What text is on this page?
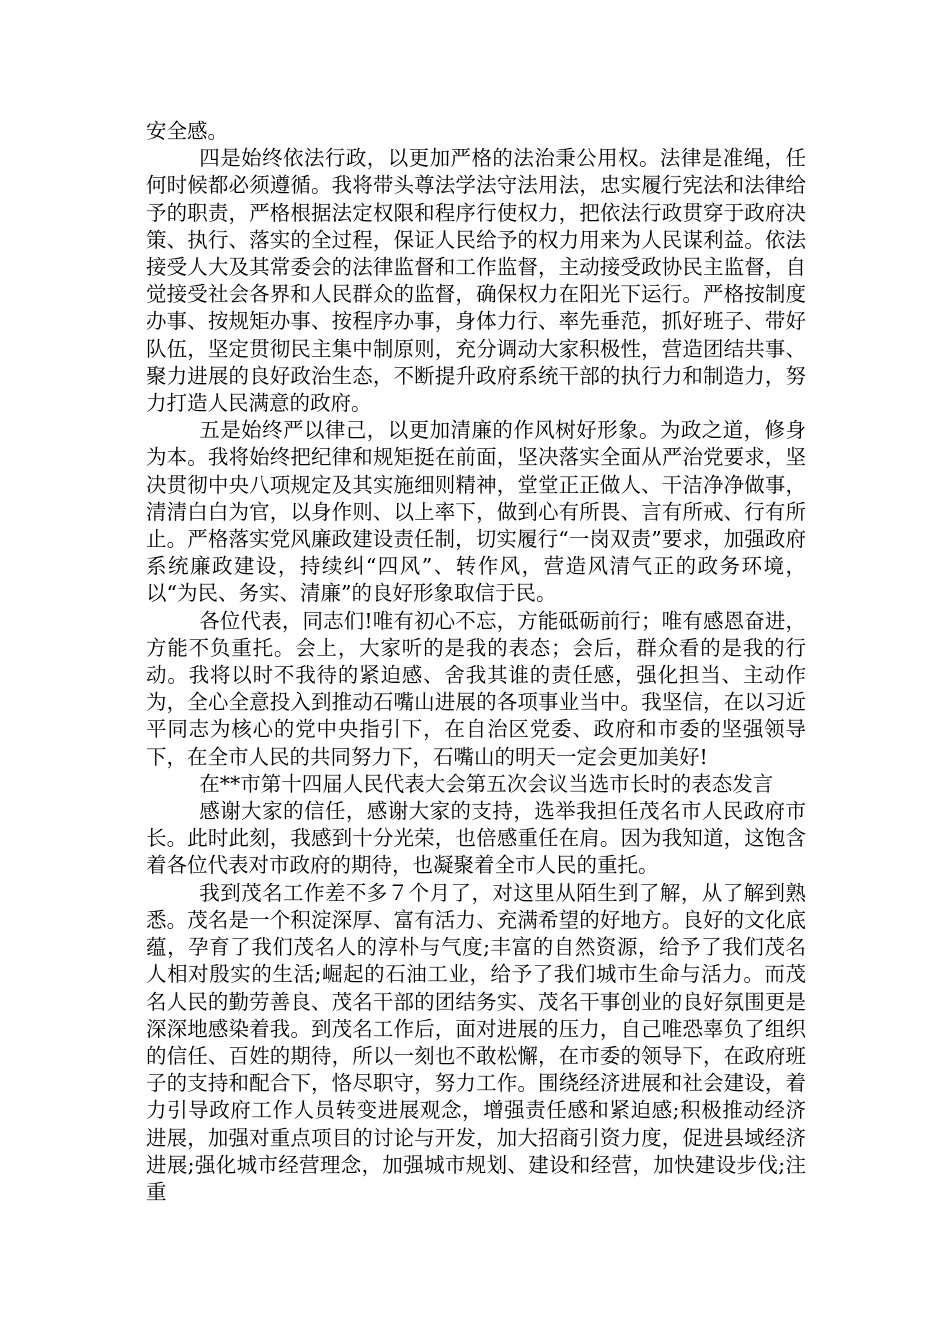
安全感。

四是始终依法行政，以更加严格的法治秉公用权。法律是准绳，任何时候都必须遵循。我将带头尊法学法守法用法，忠实履行宪法和法律给予的职责，严格根据法定权限和程序行使权力，把依法行政贯穿于政府决策、执行、落实的全过程，保证人民给予的权力用来为人民谋利益。依法接受人大及其常委会的法律监督和工作监督，主动接受政协民主监督，自觉接受社会各界和人民群众的监督，确保权力在阳光下运行。严格按制度办事、按规矩办事、按程序办事，身体力行、率先垂范，抓好班子、带好队伍，坚定贯彻民主集中制原则，充分调动大家积极性，营造团结共事、聚力进展的良好政治生态，不断提升政府系统干部的执行力和制造力，努力打造人民满意的政府。

五是始终严以律己，以更加清廉的作风树好形象。为政之道，修身为本。我将始终把纪律和规矩挺在前面，坚决落实全面从严治党要求，坚决贯彻中央八项规定及其实施细则精神，堂堂正正做人、干洁净净做事，清清白白为官，以身作则、以上率下，做到心有所畏、言有所戒、行有所止。严格落实党风廉政建设责任制，切实履行“一岗双责”要求，加强政府系统廉政建设，持续纠“四风”、转作风，营造风清气正的政务环境，以“为民、务实、清廉”的良好形象取信于民。

各位代表，同志们!唯有初心不忘，方能砥砺前行；唯有感恩奋进，方能不负重托。会上，大家听的是我的表态；会后，群众看的是我的行动。我将以时不我待的紧迫感、舍我其谁的责任感，强化担当、主动作为，全心全意投入到推动石嘴山进展的各项事业当中。我坚信，在以习近平同志为核心的党中央指引下，在自治区党委、政府和市委的坚强领导下，在全市人民的共同努力下，石嘴山的明天一定会更加美好!

在**市第十四届人民代表大会第五次会议当选市长时的表态发言

感谢大家的信任，感谢大家的支持，选举我担任茂名市人民政府市长。此时此刻，我感到十分光荣，也倍感重任在肩。因为我知道，这饱含着各位代表对市政府的期待，也凝聚着全市人民的重托。

我到茂名工作差不多７个月了，对这里从陌生到了解，从了解到熟悉。茂名是一个积淀深厚、富有活力、充满希望的好地方。良好的文化底蕴，孕育了我们茂名人的淳朴与气度;丰富的自然资源，给予了我们茂名人相对殷实的生活;崛起的石油工业，给予了我们城市生命与活力。而茂名人民的勤劳善良、茂名干部的团结务实、茂名干事创业的良好氛围更是深深地感染着我。到茂名工作后，面对进展的压力，自己唯恐辜负了组织的信任、百姓的期待，所以一刻也不敢松懈，在市委的领导下，在政府班子的支持和配合下，恪尽职守，努力工作。围绕经济进展和社会建设，着力引导政府工作人员转变进展观念，增强责任感和紧迫感;积极推动经济进展，加强对重点项目的讨论与开发，加大招商引资力度，促进县域经济进展;强化城市经营理念，加强城市规划、建设和经营，加快建设步伐;注重
